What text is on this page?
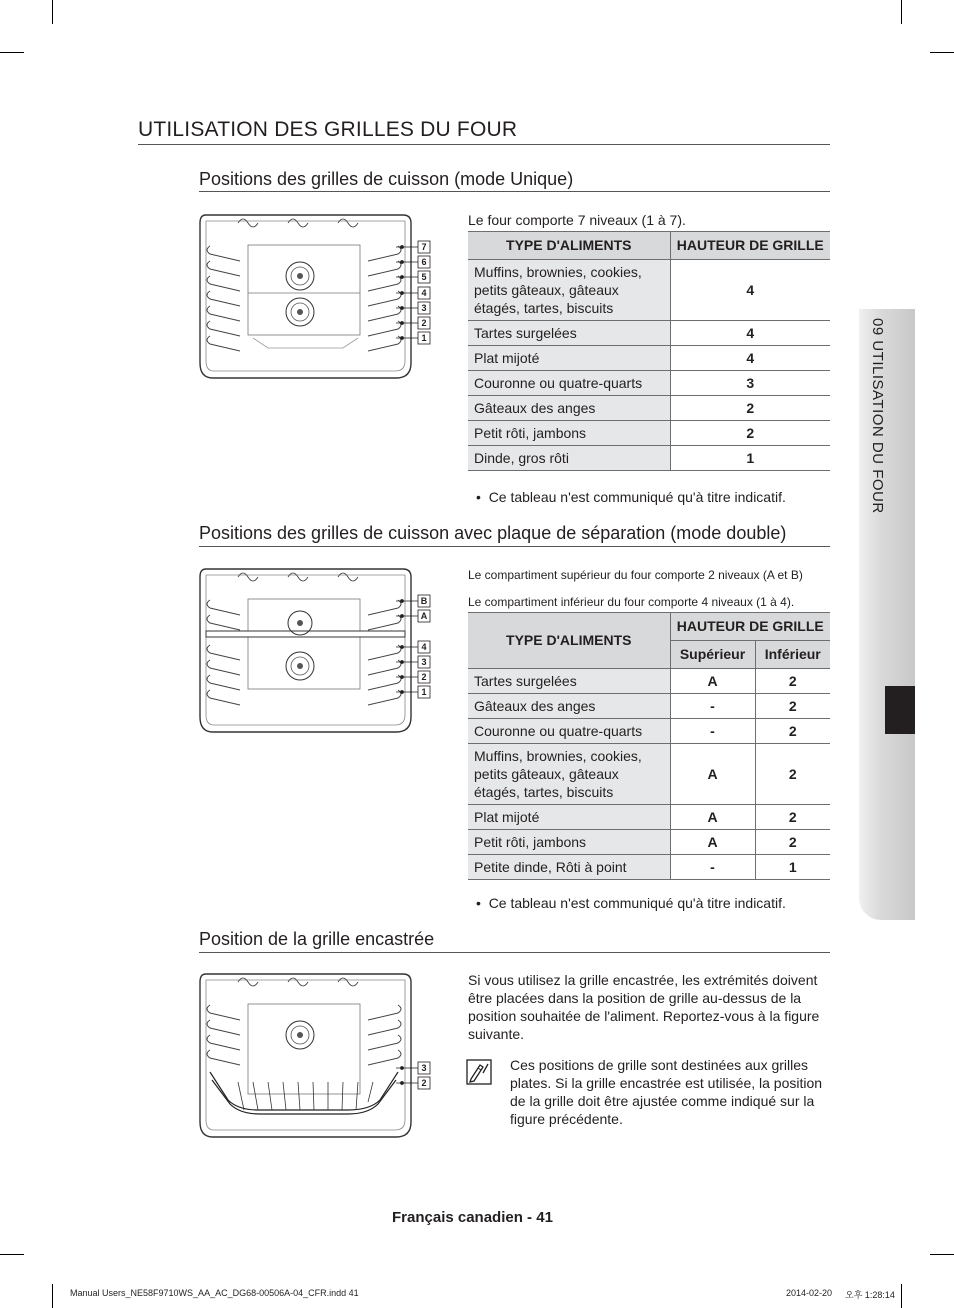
09 UTILISATION DU FOUR
UTILISATION DES GRILLES DU FOUR
Positions des grilles de cuisson (mode Unique)
7
6
5
4
3
2
1
Le four comporte 7 niveaux (1 à 7).
TYPE D'ALIMENTS	HAUTEUR DE GRILLE
Muffins, brownies, cookies, petits gâteaux, gâteaux étagés, tartes, biscuits	4
Tartes surgelées	4
Plat mijoté	4
Couronne ou quatre-quarts	3
Gâteaux des anges	2
Petit rôti, jambons	2
Dinde, gros rôti	1
•  Ce tableau n'est communiqué qu'à titre indicatif.
Positions des grilles de cuisson avec plaque de séparation (mode double)
B
A
4
3
2
1
Le compartiment supérieur du four comporte 2 niveaux (A et B)
Le compartiment inférieur du four comporte 4 niveaux (1 à 4).
TYPE D'ALIMENTS	HAUTEUR DE GRILLE	
	Supérieur	Inférieur
Tartes surgelées	A	2
Gâteaux des anges	-	2
Couronne ou quatre-quarts	-	2
Muffins, brownies, cookies, petits gâteaux, gâteaux étagés, tartes, biscuits	A	2
Plat mijoté	A	2
Petit rôti, jambons	A	2
Petite dinde, Rôti à point	-	1
•  Ce tableau n'est communiqué qu'à titre indicatif.
Position de la grille encastrée
3
2
Si vous utilisez la grille encastrée, les extrémités doivent être placées dans la position de grille au-dessus de la position souhaitée de l'aliment. Reportez-vous à la figure suivante.
Ces positions de grille sont destinées aux grilles plates. Si la grille encastrée est utilisée, la position de la grille doit être ajustée comme indiqué sur la figure précédente.
Français canadien - 41
Manual Users_NE58F9710WS_AA_AC_DG68-00506A-04_CFR.indd 41	2014-02-20 오후 1:28:14
